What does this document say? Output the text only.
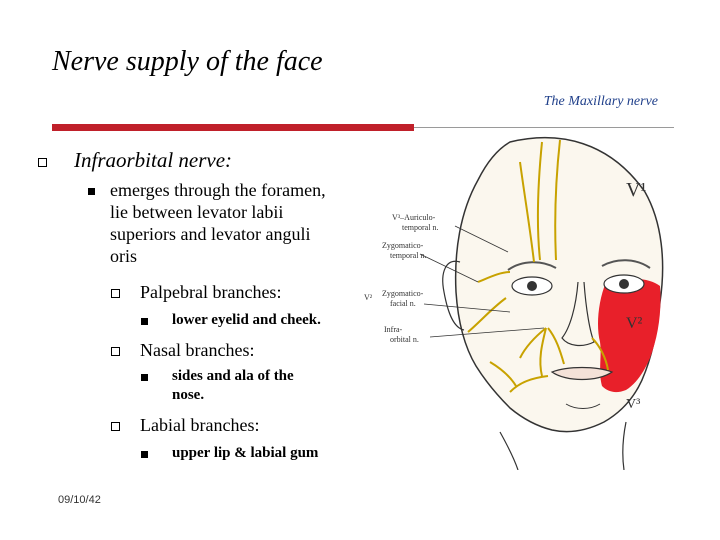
Nerve supply of the face
The Maxillary nerve
Infraorbital nerve:
emerges through the foramen,
lie between levator labii
superiors and levator anguli
oris
Palpebral branches:
lower eyelid and cheek.
Nasal branches:
sides and ala of the
nose.
Labial branches:
upper lip & labial gum
09/10/42
V³–Auriculo-
temporal n.
Zygomatico-
temporal n.
V² Zygomatico-
facial n.
Infra-
orbital n.
V¹
V²
V³
